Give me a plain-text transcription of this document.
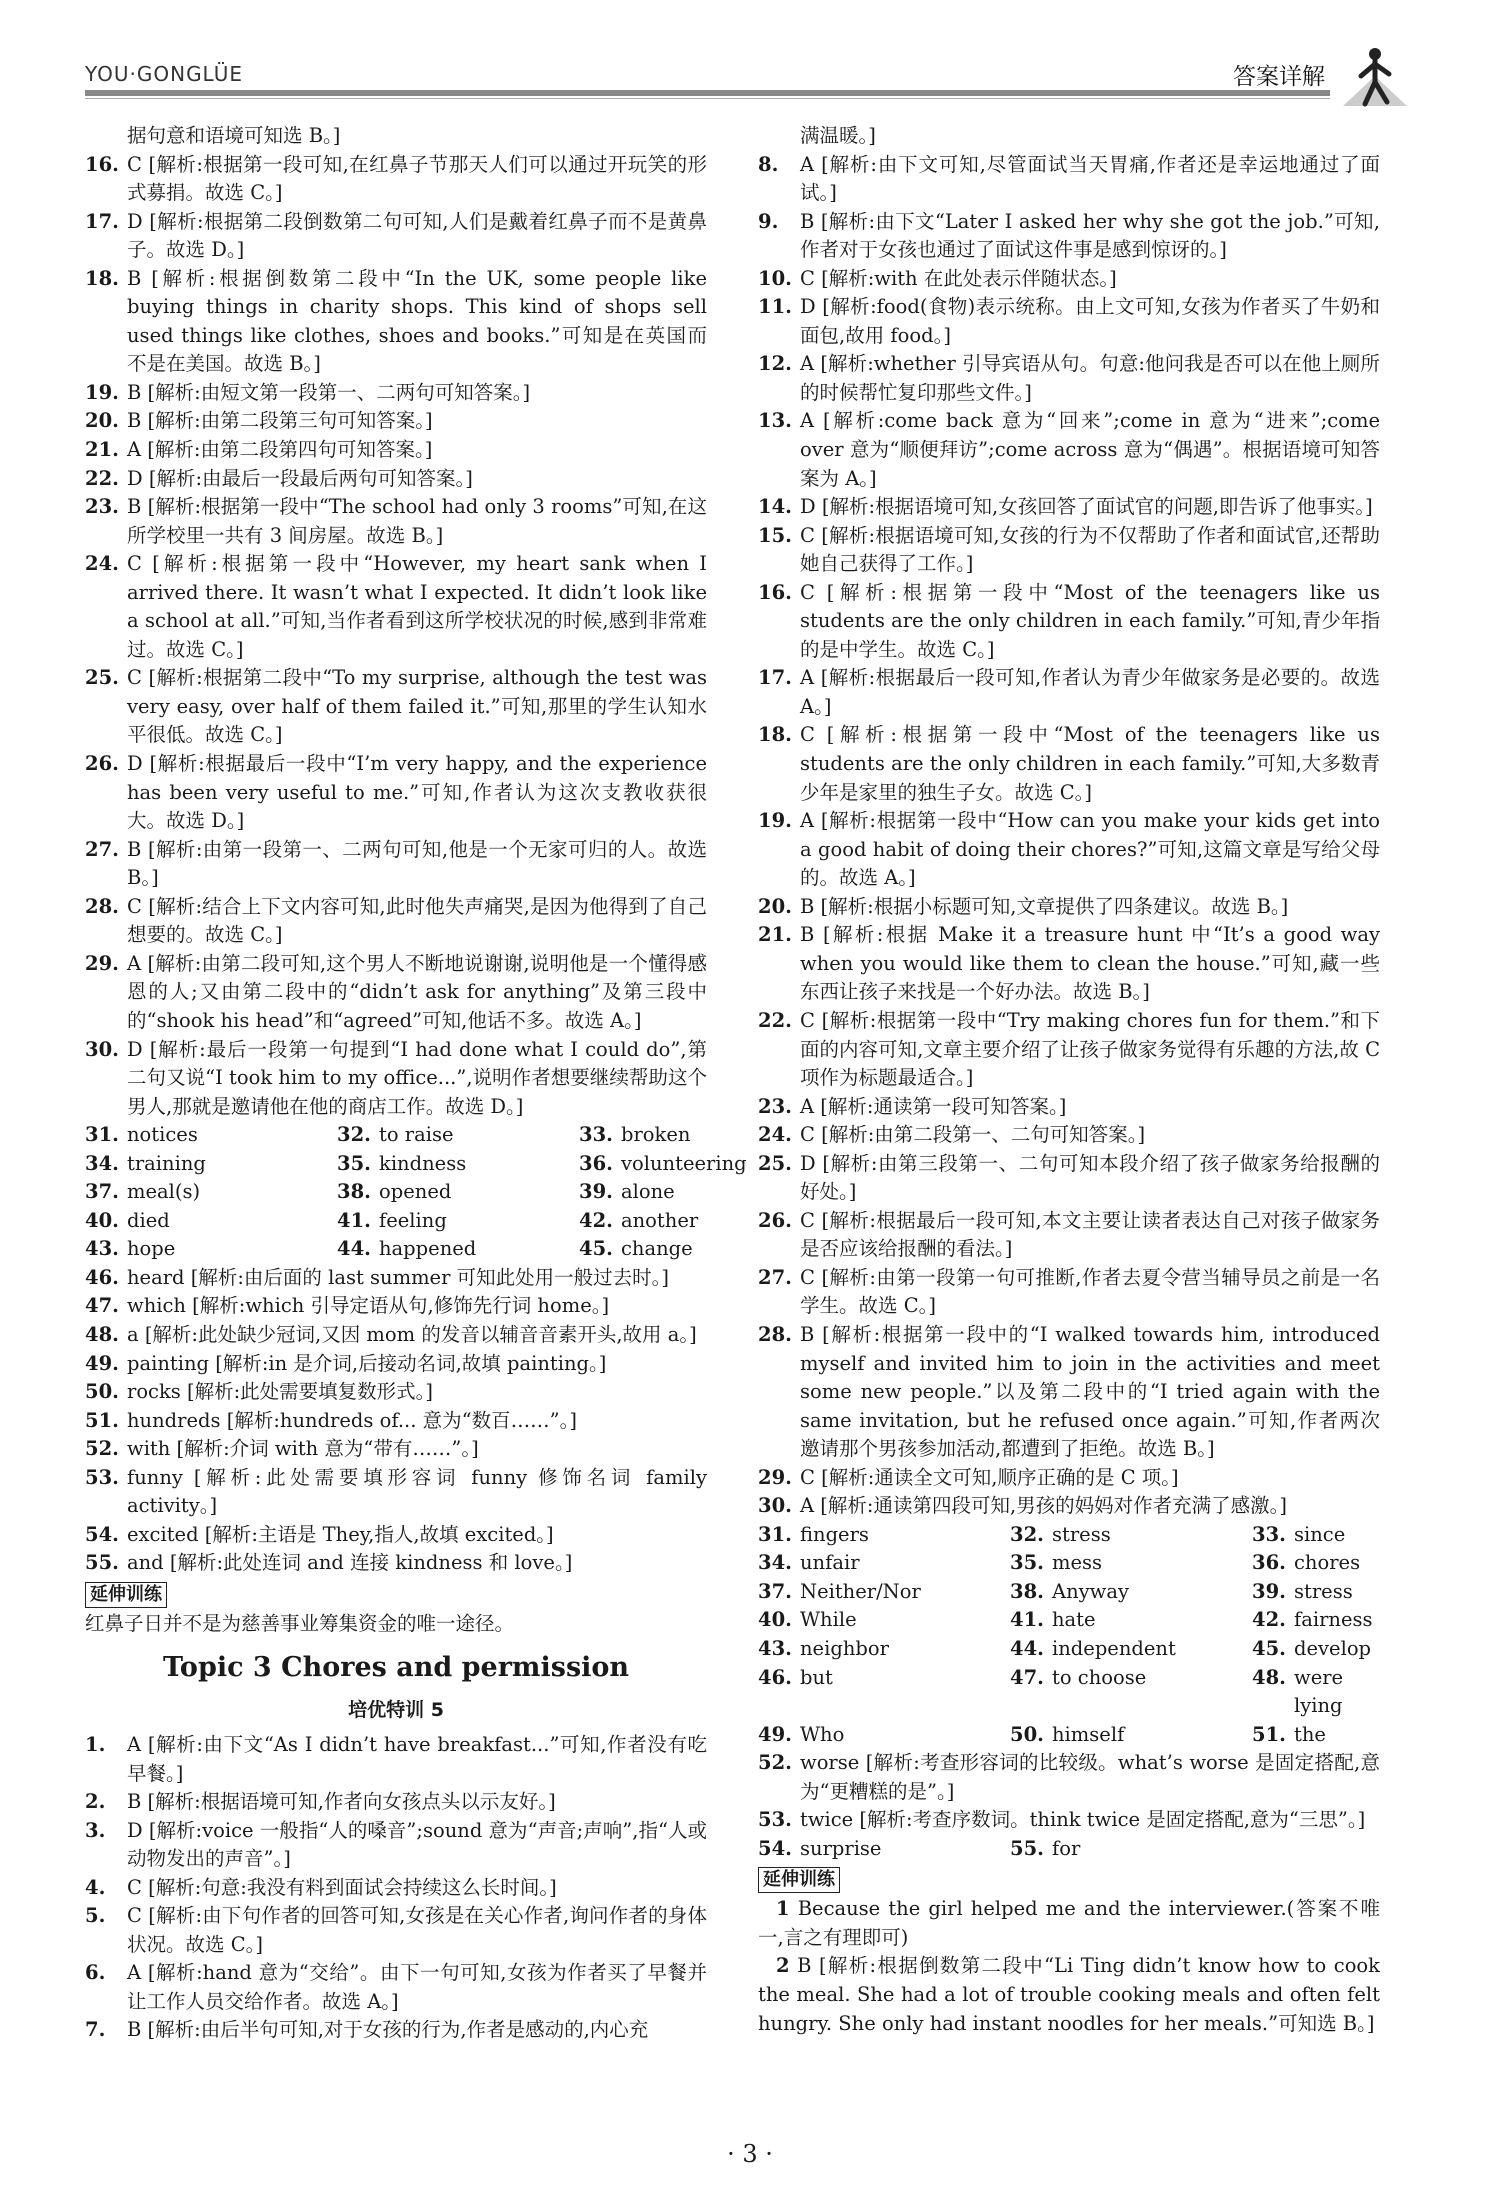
YOU·GONGLÜE	答案详解
据句意和语境可知选 B。]
16. C [解析:根据第一段可知,在红鼻子节那天人们可以通过开玩笑的形式募捐。故选 C。]
17. D [解析:根据第二段倒数第二句可知,人们是戴着红鼻子而不是黄鼻子。故选 D。]
18. B [解析:根据倒数第二段中“In the UK, some people like buying things in charity shops. This kind of shops sell used things like clothes, shoes and books.”可知是在英国而不是在美国。故选 B。]
19. B [解析:由短文第一段第一、二两句可知答案。]
20. B [解析:由第二段第三句可知答案。]
21. A [解析:由第二段第四句可知答案。]
22. D [解析:由最后一段最后两句可知答案。]
23. B [解析:根据第一段中“The school had only 3 rooms”可知,在这所学校里一共有 3 间房屋。故选 B。]
24. C [解析:根据第一段中“However, my heart sank when I arrived there. It wasn’t what I expected. It didn’t look like a school at all.”可知,当作者看到这所学校状况的时候,感到非常难过。故选 C。]
25. C [解析:根据第二段中“To my surprise, although the test was very easy, over half of them failed it.”可知,那里的学生认知水平很低。故选 C。]
26. D [解析:根据最后一段中“I’m very happy, and the experience has been very useful to me.”可知,作者认为这次支教收获很大。故选 D。]
27. B [解析:由第一段第一、二两句可知,他是一个无家可归的人。故选 B。]
28. C [解析:结合上下文内容可知,此时他失声痛哭,是因为他得到了自己想要的。故选 C。]
29. A [解析:由第二段可知,这个男人不断地说谢谢,说明他是一个懂得感恩的人;又由第二段中的“didn’t ask for anything”及第三段中的“shook his head”和“agreed”可知,他话不多。故选 A。]
30. D [解析:最后一段第一句提到“I had done what I could do”,第二句又说“I took him to my office...”,说明作者想要继续帮助这个男人,那就是邀请他在他的商店工作。故选 D。]
31. notices	32. to raise	33. broken
34. training	35. kindness	36. volunteering
37. meal(s)	38. opened	39. alone
40. died	41. feeling	42. another
43. hope	44. happened	45. change
46. heard [解析:由后面的 last summer 可知此处用一般过去时。]
47. which [解析:which 引导定语从句,修饰先行词 home。]
48. a [解析:此处缺少冠词,又因 mom 的发音以辅音音素开头,故用 a。]
49. painting [解析:in 是介词,后接动名词,故填 painting。]
50. rocks [解析:此处需要填复数形式。]
51. hundreds [解析:hundreds of... 意为“数百……”。]
52. with [解析:介词 with 意为“带有……”。]
53. funny [解析:此处需要填形容词 funny 修饰名词 family activity。]
54. excited [解析:主语是 They,指人,故填 excited。]
55. and [解析:此处连词 and 连接 kindness 和 love。]
延伸训练
红鼻子日并不是为慈善事业筹集资金的唯一途径。
Topic 3 Chores and permission
培优特训 5
1. A [解析:由下文“As I didn’t have breakfast...”可知,作者没有吃早餐。]
2. B [解析:根据语境可知,作者向女孩点头以示友好。]
3. D [解析:voice 一般指“人的嗓音”;sound 意为“声音;声响”,指“人或动物发出的声音”。]
4. C [解析:句意:我没有料到面试会持续这么长时间。]
5. C [解析:由下句作者的回答可知,女孩是在关心作者,询问作者的身体状况。故选 C。]
6. A [解析:hand 意为“交给”。由下一句可知,女孩为作者买了早餐并让工作人员交给作者。故选 A。]
7. B [解析:由后半句可知,对于女孩的行为,作者是感动的,内心充
满温暖。]
8. A [解析:由下文可知,尽管面试当天胃痛,作者还是幸运地通过了面试。]
9. B [解析:由下文“Later I asked her why she got the job.”可知,作者对于女孩也通过了面试这件事是感到惊讶的。]
10. C [解析:with 在此处表示伴随状态。]
11. D [解析:food(食物)表示统称。由上文可知,女孩为作者买了牛奶和面包,故用 food。]
12. A [解析:whether 引导宾语从句。句意:他问我是否可以在他上厕所的时候帮忙复印那些文件。]
13. A [解析:come back 意为“回来”;come in 意为“进来”;come over 意为“顺便拜访”;come across 意为“偶遇”。根据语境可知答案为 A。]
14. D [解析:根据语境可知,女孩回答了面试官的问题,即告诉了他事实。]
15. C [解析:根据语境可知,女孩的行为不仅帮助了作者和面试官,还帮助她自己获得了工作。]
16. C [解析:根据第一段中“Most of the teenagers like us students are the only children in each family.”可知,青少年指的是中学生。故选 C。]
17. A [解析:根据最后一段可知,作者认为青少年做家务是必要的。故选 A。]
18. C [解析:根据第一段中“Most of the teenagers like us students are the only children in each family.”可知,大多数青少年是家里的独生子女。故选 C。]
19. A [解析:根据第一段中“How can you make your kids get into a good habit of doing their chores?”可知,这篇文章是写给父母的。故选 A。]
20. B [解析:根据小标题可知,文章提供了四条建议。故选 B。]
21. B [解析:根据 Make it a treasure hunt 中“It’s a good way when you would like them to clean the house.”可知,藏一些东西让孩子来找是一个好办法。故选 B。]
22. C [解析:根据第一段中“Try making chores fun for them.”和下面的内容可知,文章主要介绍了让孩子做家务觉得有乐趣的方法,故 C 项作为标题最适合。]
23. A [解析:通读第一段可知答案。]
24. C [解析:由第二段第一、二句可知答案。]
25. D [解析:由第三段第一、二句可知本段介绍了孩子做家务给报酬的好处。]
26. C [解析:根据最后一段可知,本文主要让读者表达自己对孩子做家务是否应该给报酬的看法。]
27. C [解析:由第一段第一句可推断,作者去夏令营当辅导员之前是一名学生。故选 C。]
28. B [解析:根据第一段中的“I walked towards him, introduced myself and invited him to join in the activities and meet some new people.”以及第二段中的“I tried again with the same invitation, but he refused once again.”可知,作者两次邀请那个男孩参加活动,都遭到了拒绝。故选 B。]
29. C [解析:通读全文可知,顺序正确的是 C 项。]
30. A [解析:通读第四段可知,男孩的妈妈对作者充满了感激。]
31. fingers	32. stress	33. since
34. unfair	35. mess	36. chores
37. Neither/Nor	38. Anyway	39. stress
40. While	41. hate	42. fairness
43. neighbor	44. independent	45. develop
46. but	47. to choose	48. were lying
49. Who	50. himself	51. the
52. worse [解析:考查形容词的比较级。what’s worse 是固定搭配,意为“更糟糕的是”。]
53. twice [解析:考查序数词。think twice 是固定搭配,意为“三思”。]
54. surprise	55. for
延伸训练
1 Because the girl helped me and the interviewer.(答案不唯一,言之有理即可)
2 B [解析:根据倒数第二段中“Li Ting didn’t know how to cook the meal. She had a lot of trouble cooking meals and often felt hungry. She only had instant noodles for her meals.”可知选 B。]
· 3 ·
